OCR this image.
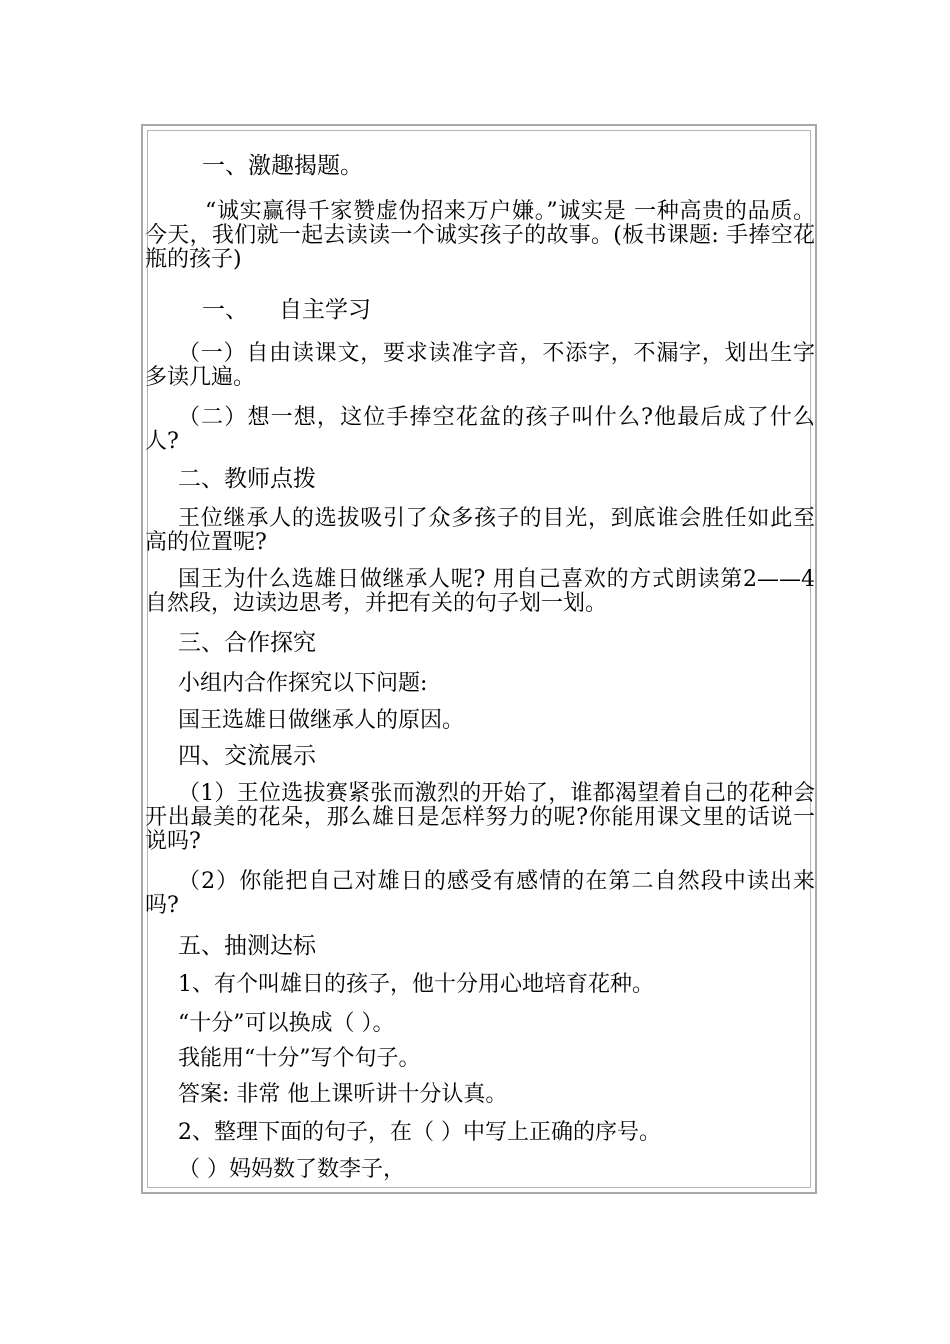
一、激趣揭题。
“诚实赢得千家赞虚伪招来万户嫌。”诚实是 一种高贵的品质。今天，我们就一起去读读一个诚实孩子的故事。(板书课题: 手捧空花瓶的孩子)
一、 自主学习
（一）自由读课文，要求读准字音，不添字，不漏字，划出生字多读几遍。
（二）想一想，这位手捧空花盆的孩子叫什么?他最后成了什么人?
二、教师点拨
王位继承人的选拔吸引了众多孩子的目光，到底谁会胜任如此至高的位置呢?
国王为什么选雄日做继承人呢? 用自己喜欢的方式朗读第2——4 自然段，边读边思考，并把有关的句子划一划。
三、合作探究
小组内合作探究以下问题:
国王选雄日做继承人的原因。
四、交流展示
（1）王位选拔赛紧张而激烈的开始了，谁都渴望着自己的花种会开出最美的花朵，那么雄日是怎样努力的呢?你能用课文里的话说一说吗?
（2）你能把自己对雄日的感受有感情的在第二自然段中读出来吗?
五、抽测达标
1、有个叫雄日的孩子，他十分用心地培育花种。
“十分”可以换成（ ）。
我能用“十分”写个句子。
答案: 非常 他上课听讲十分认真。
2、整理下面的句子，在（ ）中写上正确的序号。
（ ）妈妈数了数李子，
